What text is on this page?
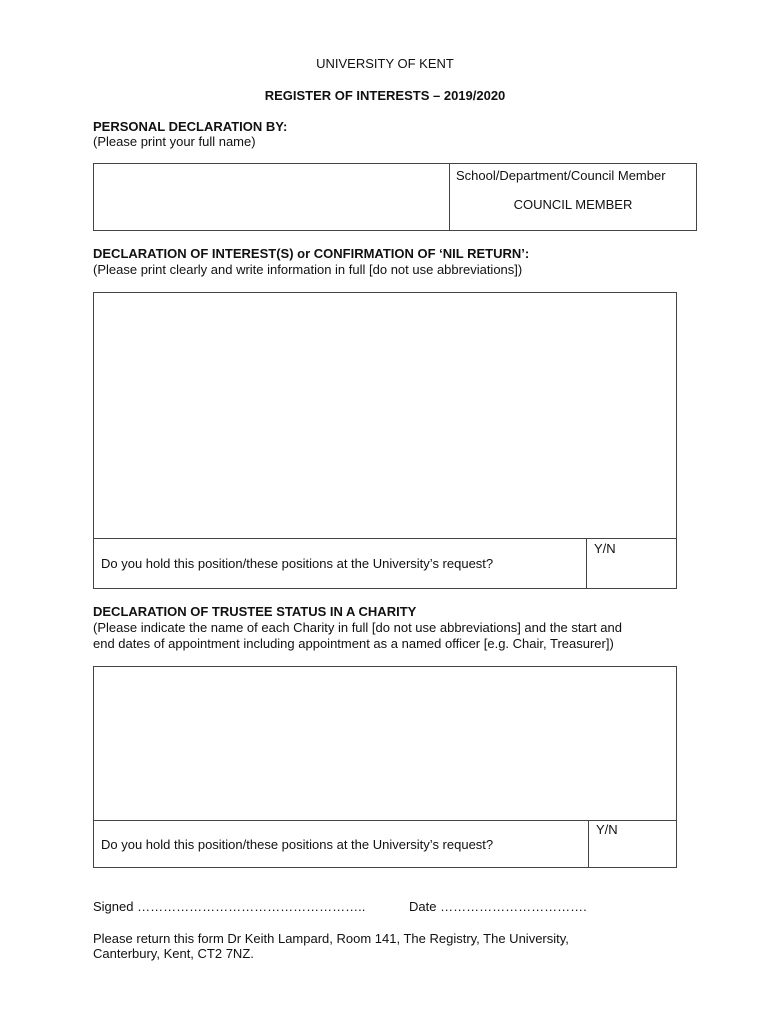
UNIVERSITY OF KENT
REGISTER OF INTERESTS – 2019/2020
PERSONAL DECLARATION BY:
(Please print your full name)
School/Department/Council Member
COUNCIL MEMBER
DECLARATION OF INTEREST(S) or CONFIRMATION OF ‘NIL RETURN’:
(Please print clearly and write information in full [do not use abbreviations])
Do you hold this position/these positions at the University’s request?
Y/N
DECLARATION OF TRUSTEE STATUS IN A CHARITY
(Please indicate the name of each Charity in full [do not use abbreviations] and the start and
end dates of appointment including appointment as a named officer [e.g. Chair, Treasurer])
Do you hold this position/these positions at the University’s request?
Y/N
Signed ……………………………………………..	Date …………………………….
Please return this form Dr Keith Lampard, Room 141, The Registry, The University,
Canterbury, Kent, CT2 7NZ.
